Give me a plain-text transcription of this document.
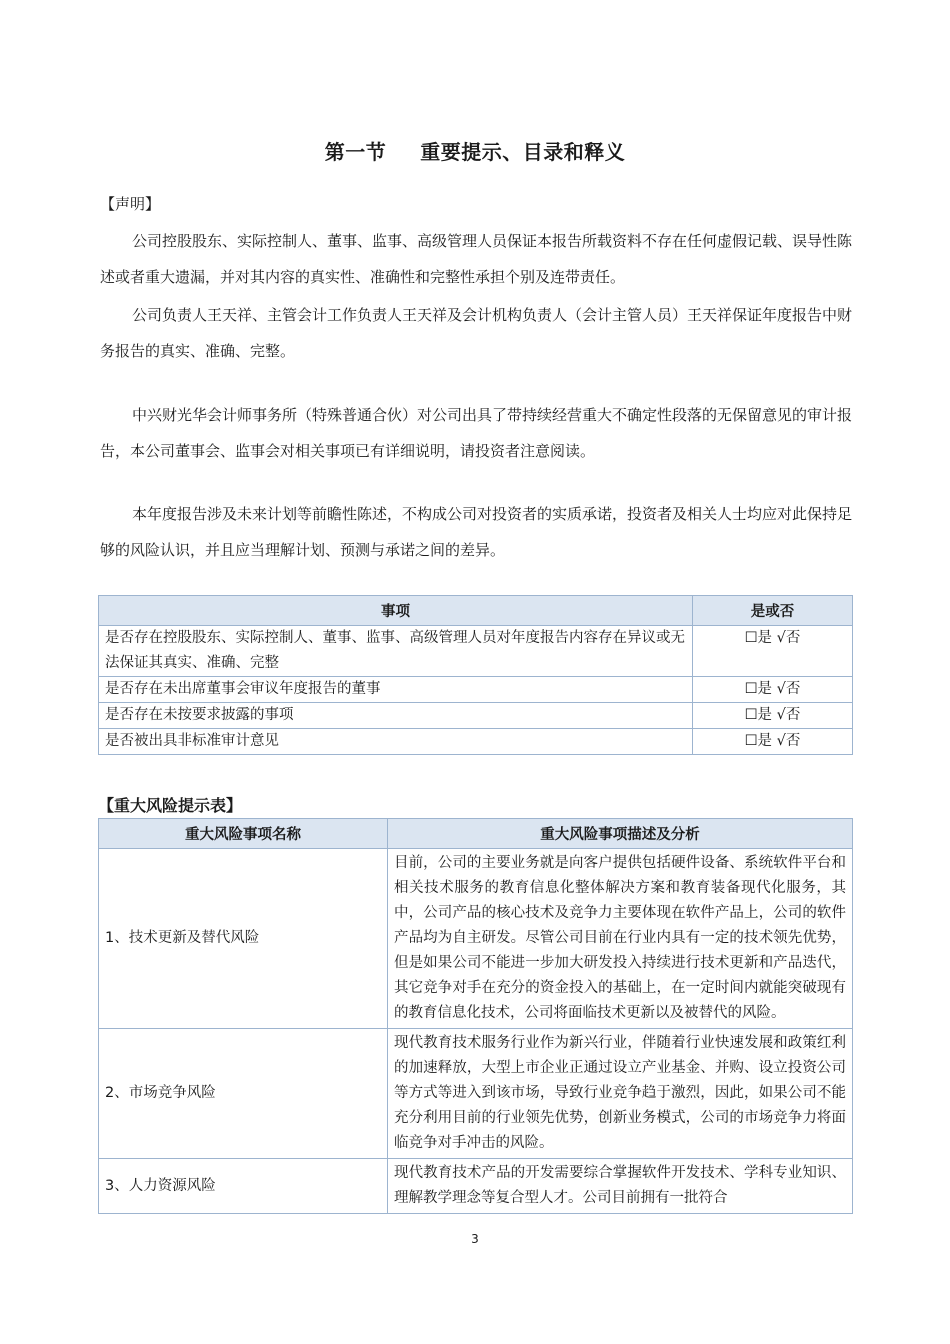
第一节 重要提示、目录和释义
【声明】
公司控股股东、实际控制人、董事、监事、高级管理人员保证本报告所载资料不存在任何虚假记载、误导性陈述或者重大遗漏，并对其内容的真实性、准确性和完整性承担个别及连带责任。
公司负责人王天祥、主管会计工作负责人王天祥及会计机构负责人（会计主管人员）王天祥保证年度报告中财务报告的真实、准确、完整。
中兴财光华会计师事务所（特殊普通合伙）对公司出具了带持续经营重大不确定性段落的无保留意见的审计报告，本公司董事会、监事会对相关事项已有详细说明，请投资者注意阅读。
本年度报告涉及未来计划等前瞻性陈述，不构成公司对投资者的实质承诺，投资者及相关人士均应对此保持足够的风险认识，并且应当理解计划、预测与承诺之间的差异。
事项	是或否
是否存在控股股东、实际控制人、董事、监事、高级管理人员对年度报告内容存在异议或无法保证其真实、准确、完整	☐是 √否
是否存在未出席董事会审议年度报告的董事	☐是 √否
是否存在未按要求披露的事项	☐是 √否
是否被出具非标准审计意见	☐是 √否
【重大风险提示表】
重大风险事项名称	重大风险事项描述及分析
1、技术更新及替代风险	目前，公司的主要业务就是向客户提供包括硬件设备、系统软件平台和相关技术服务的教育信息化整体解决方案和教育装备现代化服务，其中，公司产品的核心技术及竞争力主要体现在软件产品上，公司的软件产品均为自主研发。尽管公司目前在行业内具有一定的技术领先优势，但是如果公司不能进一步加大研发投入持续进行技术更新和产品迭代，其它竞争对手在充分的资金投入的基础上，在一定时间内就能突破现有的教育信息化技术，公司将面临技术更新以及被替代的风险。
2、市场竞争风险	现代教育技术服务行业作为新兴行业，伴随着行业快速发展和政策红利的加速释放，大型上市企业正通过设立产业基金、并购、设立投资公司等方式等进入到该市场，导致行业竞争趋于激烈，因此，如果公司不能充分利用目前的行业领先优势，创新业务模式，公司的市场竞争力将面临竞争对手冲击的风险。
3、人力资源风险	现代教育技术产品的开发需要综合掌握软件开发技术、学科专业知识、理解教学理念等复合型人才。公司目前拥有一批符合
3
